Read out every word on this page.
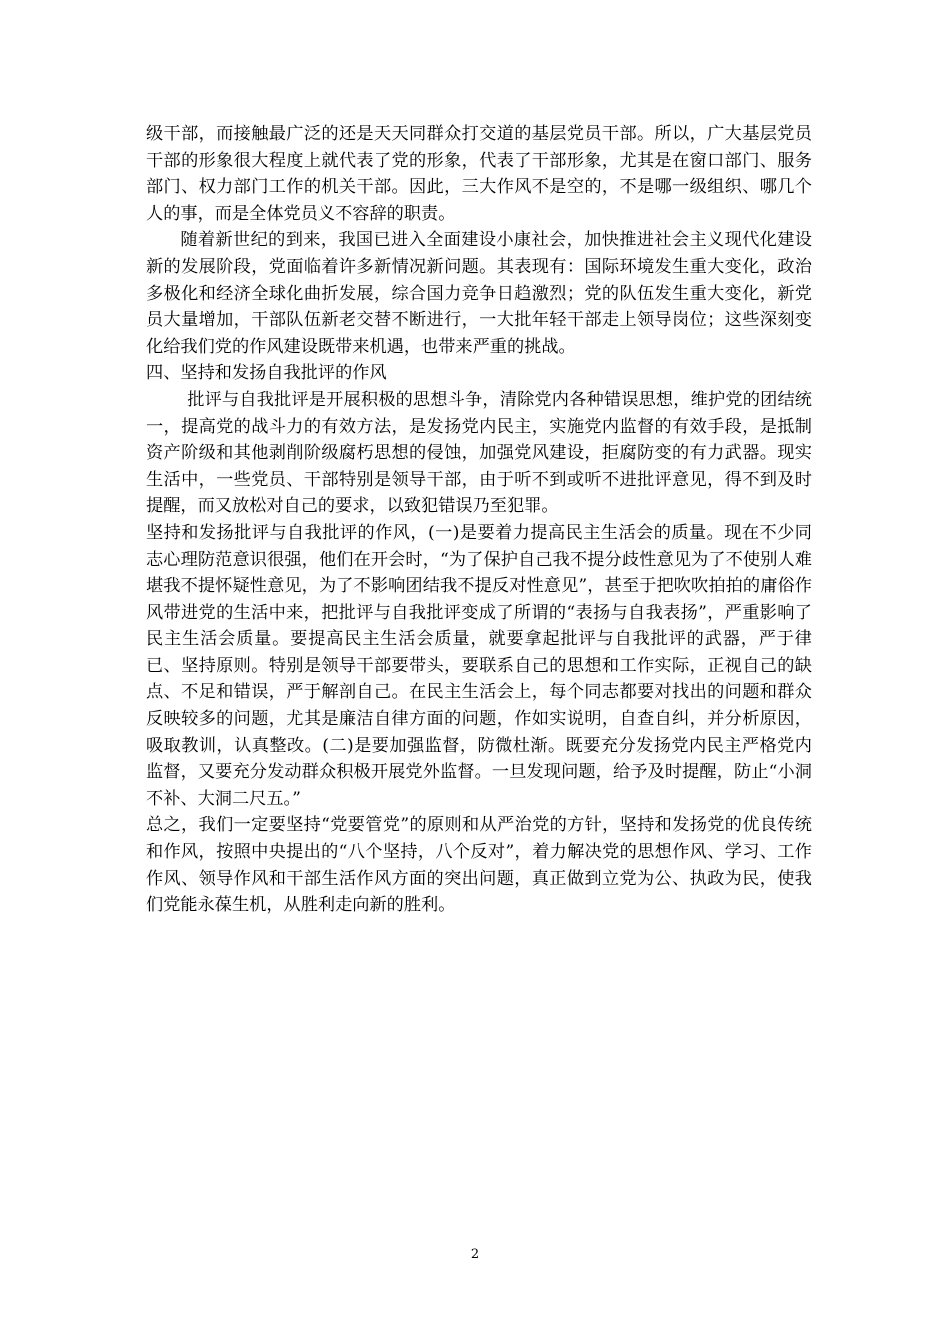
级干部，而接触最广泛的还是天天同群众打交道的基层党员干部。所以，广大基层党员干部的形象很大程度上就代表了党的形象，代表了干部形象，尤其是在窗口部门、服务部门、权力部门工作的机关干部。因此，三大作风不是空的，不是哪一级组织、哪几个人的事，而是全体党员义不容辞的职责。

随着新世纪的到来，我国已进入全面建设小康社会，加快推进社会主义现代化建设新的发展阶段，党面临着许多新情况新问题。其表现有：国际环境发生重大变化，政治多极化和经济全球化曲折发展，综合国力竞争日趋激烈；党的队伍发生重大变化，新党员大量增加，干部队伍新老交替不断进行，一大批年轻干部走上领导岗位；这些深刻变化给我们党的作风建设既带来机遇，也带来严重的挑战。

四、坚持和发扬自我批评的作风

批评与自我批评是开展积极的思想斗争，清除党内各种错误思想，维护党的团结统一，提高党的战斗力的有效方法，是发扬党内民主，实施党内监督的有效手段，是抵制资产阶级和其他剥削阶级腐朽思想的侵蚀，加强党风建设，拒腐防变的有力武器。现实生活中，一些党员、干部特别是领导干部，由于听不到或听不进批评意见，得不到及时提醒，而又放松对自己的要求，以致犯错误乃至犯罪。

坚持和发扬批评与自我批评的作风，(一)是要着力提高民主生活会的质量。现在不少同志心理防范意识很强，他们在开会时，“为了保护自己我不提分歧性意见为了不使别人难堪我不提怀疑性意见，为了不影响团结我不提反对性意见”，甚至于把吹吹拍拍的庸俗作风带进党的生活中来，把批评与自我批评变成了所谓的“表扬与自我表扬”，严重影响了民主生活会质量。要提高民主生活会质量，就要拿起批评与自我批评的武器，严于律已、坚持原则。特别是领导干部要带头，要联系自己的思想和工作实际，正视自己的缺点、不足和错误，严于解剖自己。在民主生活会上，每个同志都要对找出的问题和群众反映较多的问题，尤其是廉洁自律方面的问题，作如实说明，自查自纠，并分析原因，吸取教训，认真整改。(二)是要加强监督，防微杜渐。既要充分发扬党内民主严格党内监督，又要充分发动群众积极开展党外监督。一旦发现问题，给予及时提醒，防止“小洞不补、大洞二尺五。”

总之，我们一定要坚持“党要管党”的原则和从严治党的方针，坚持和发扬党的优良传统和作风，按照中央提出的“八个坚持，八个反对”，着力解决党的思想作风、学习、工作作风、领导作风和干部生活作风方面的突出问题，真正做到立党为公、执政为民，使我们党能永葆生机，从胜利走向新的胜利。

2
